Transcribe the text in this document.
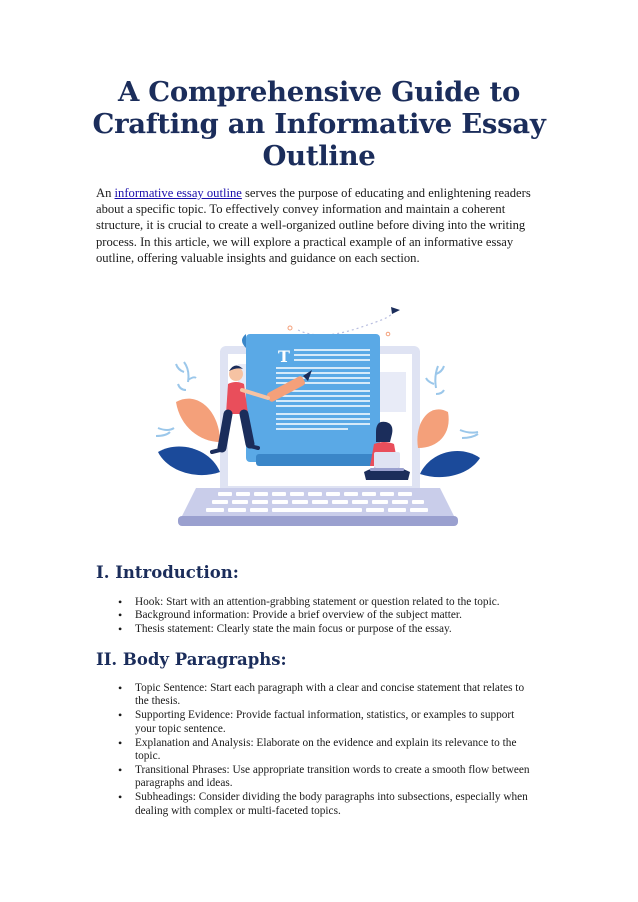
A Comprehensive Guide to Crafting an Informative Essay Outline

An informative essay outline serves the purpose of educating and enlightening readers about a specific topic. To effectively convey information and maintain a coherent structure, it is crucial to create a well-organized outline before diving into the writing process. In this article, we will explore a practical example of an informative essay outline, offering valuable insights and guidance on each section.

T
I. Introduction:
• Hook: Start with an attention-grabbing statement or question related to the topic.
• Background information: Provide a brief overview of the subject matter.
• Thesis statement: Clearly state the main focus or purpose of the essay.
II. Body Paragraphs:
• Topic Sentence: Start each paragraph with a clear and concise statement that relates to the thesis.
• Supporting Evidence: Provide factual information, statistics, or examples to support your topic sentence.
• Explanation and Analysis: Elaborate on the evidence and explain its relevance to the topic.
• Transitional Phrases: Use appropriate transition words to create a smooth flow between paragraphs and ideas.
• Subheadings: Consider dividing the body paragraphs into subsections, especially when dealing with complex or multi-faceted topics.
